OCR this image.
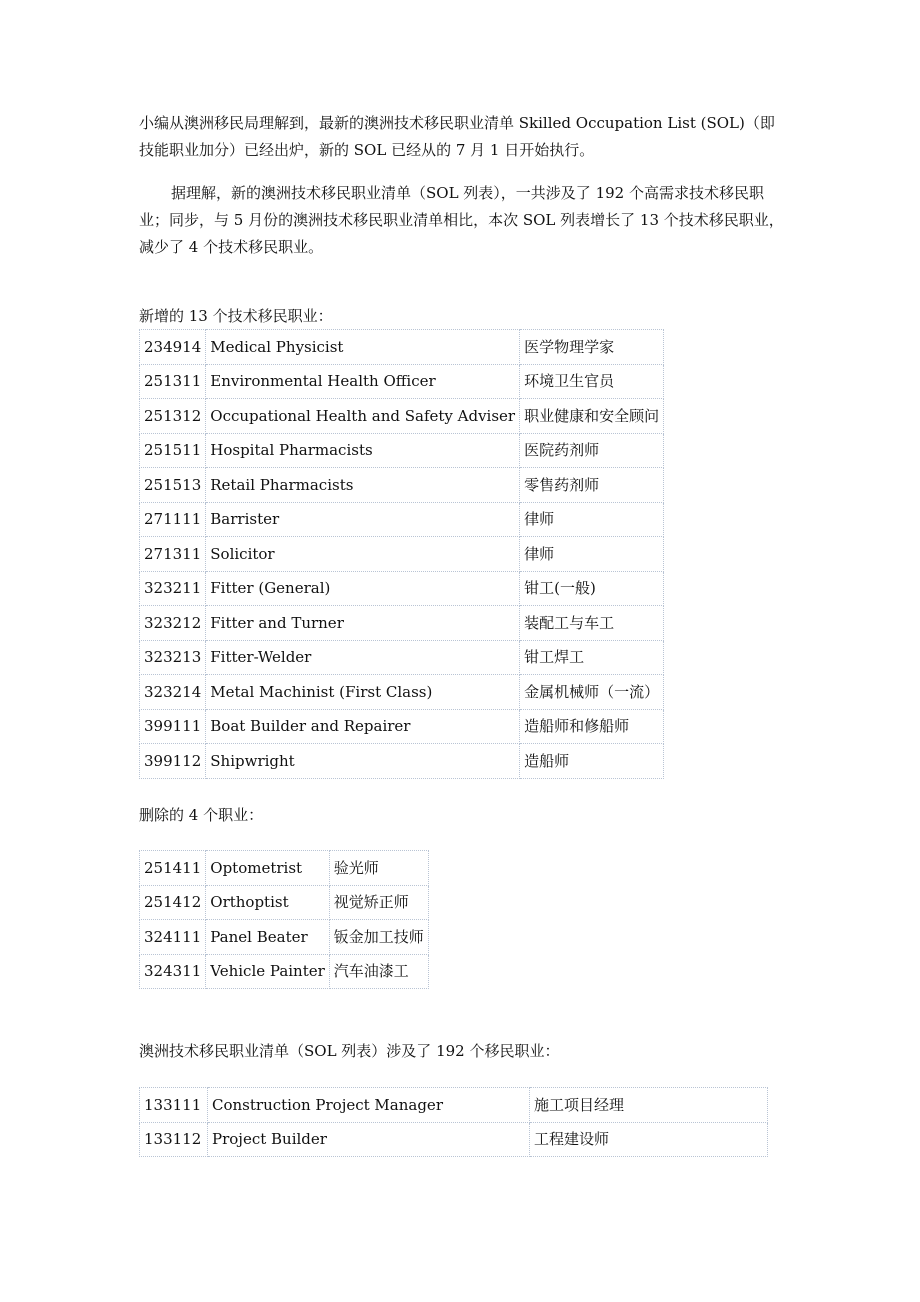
小编从澳洲移民局理解到，最新的澳洲技术移民职业清单 Skilled Occupation List (SOL)（即技能职业加分）已经出炉，新的 SOL 已经从的 7 月 1 日开始执行。

据理解，新的澳洲技术移民职业清单（SOL 列表），一共涉及了 192 个高需求技术移民职业；同步，与 5 月份的澳洲技术移民职业清单相比，本次 SOL 列表增长了 13 个技术移民职业，减少了 4 个技术移民职业。

新增的 13 个技术移民职业：

234914	Medical Physicist	医学物理学家
251311	Environmental Health Officer	环境卫生官员
251312	Occupational Health and Safety Adviser	职业健康和安全顾问
251511	Hospital Pharmacists	医院药剂师
251513	Retail Pharmacists	零售药剂师
271111	Barrister	律师
271311	Solicitor	律师
323211	Fitter (General)	钳工(一般)
323212	Fitter and Turner	装配工与车工
323213	Fitter-Welder	钳工焊工
323214	Metal Machinist (First Class)	金属机械师（一流）
399111	Boat Builder and Repairer	造船师和修船师
399112	Shipwright	造船师

删除的 4 个职业：

251411	Optometrist	验光师
251412	Orthoptist	视觉矫正师
324111	Panel Beater	钣金加工技师
324311	Vehicle Painter	汽车油漆工

澳洲技术移民职业清单（SOL 列表）涉及了 192 个移民职业：

133111	Construction Project Manager	施工项目经理
133112	Project Builder	工程建设师
